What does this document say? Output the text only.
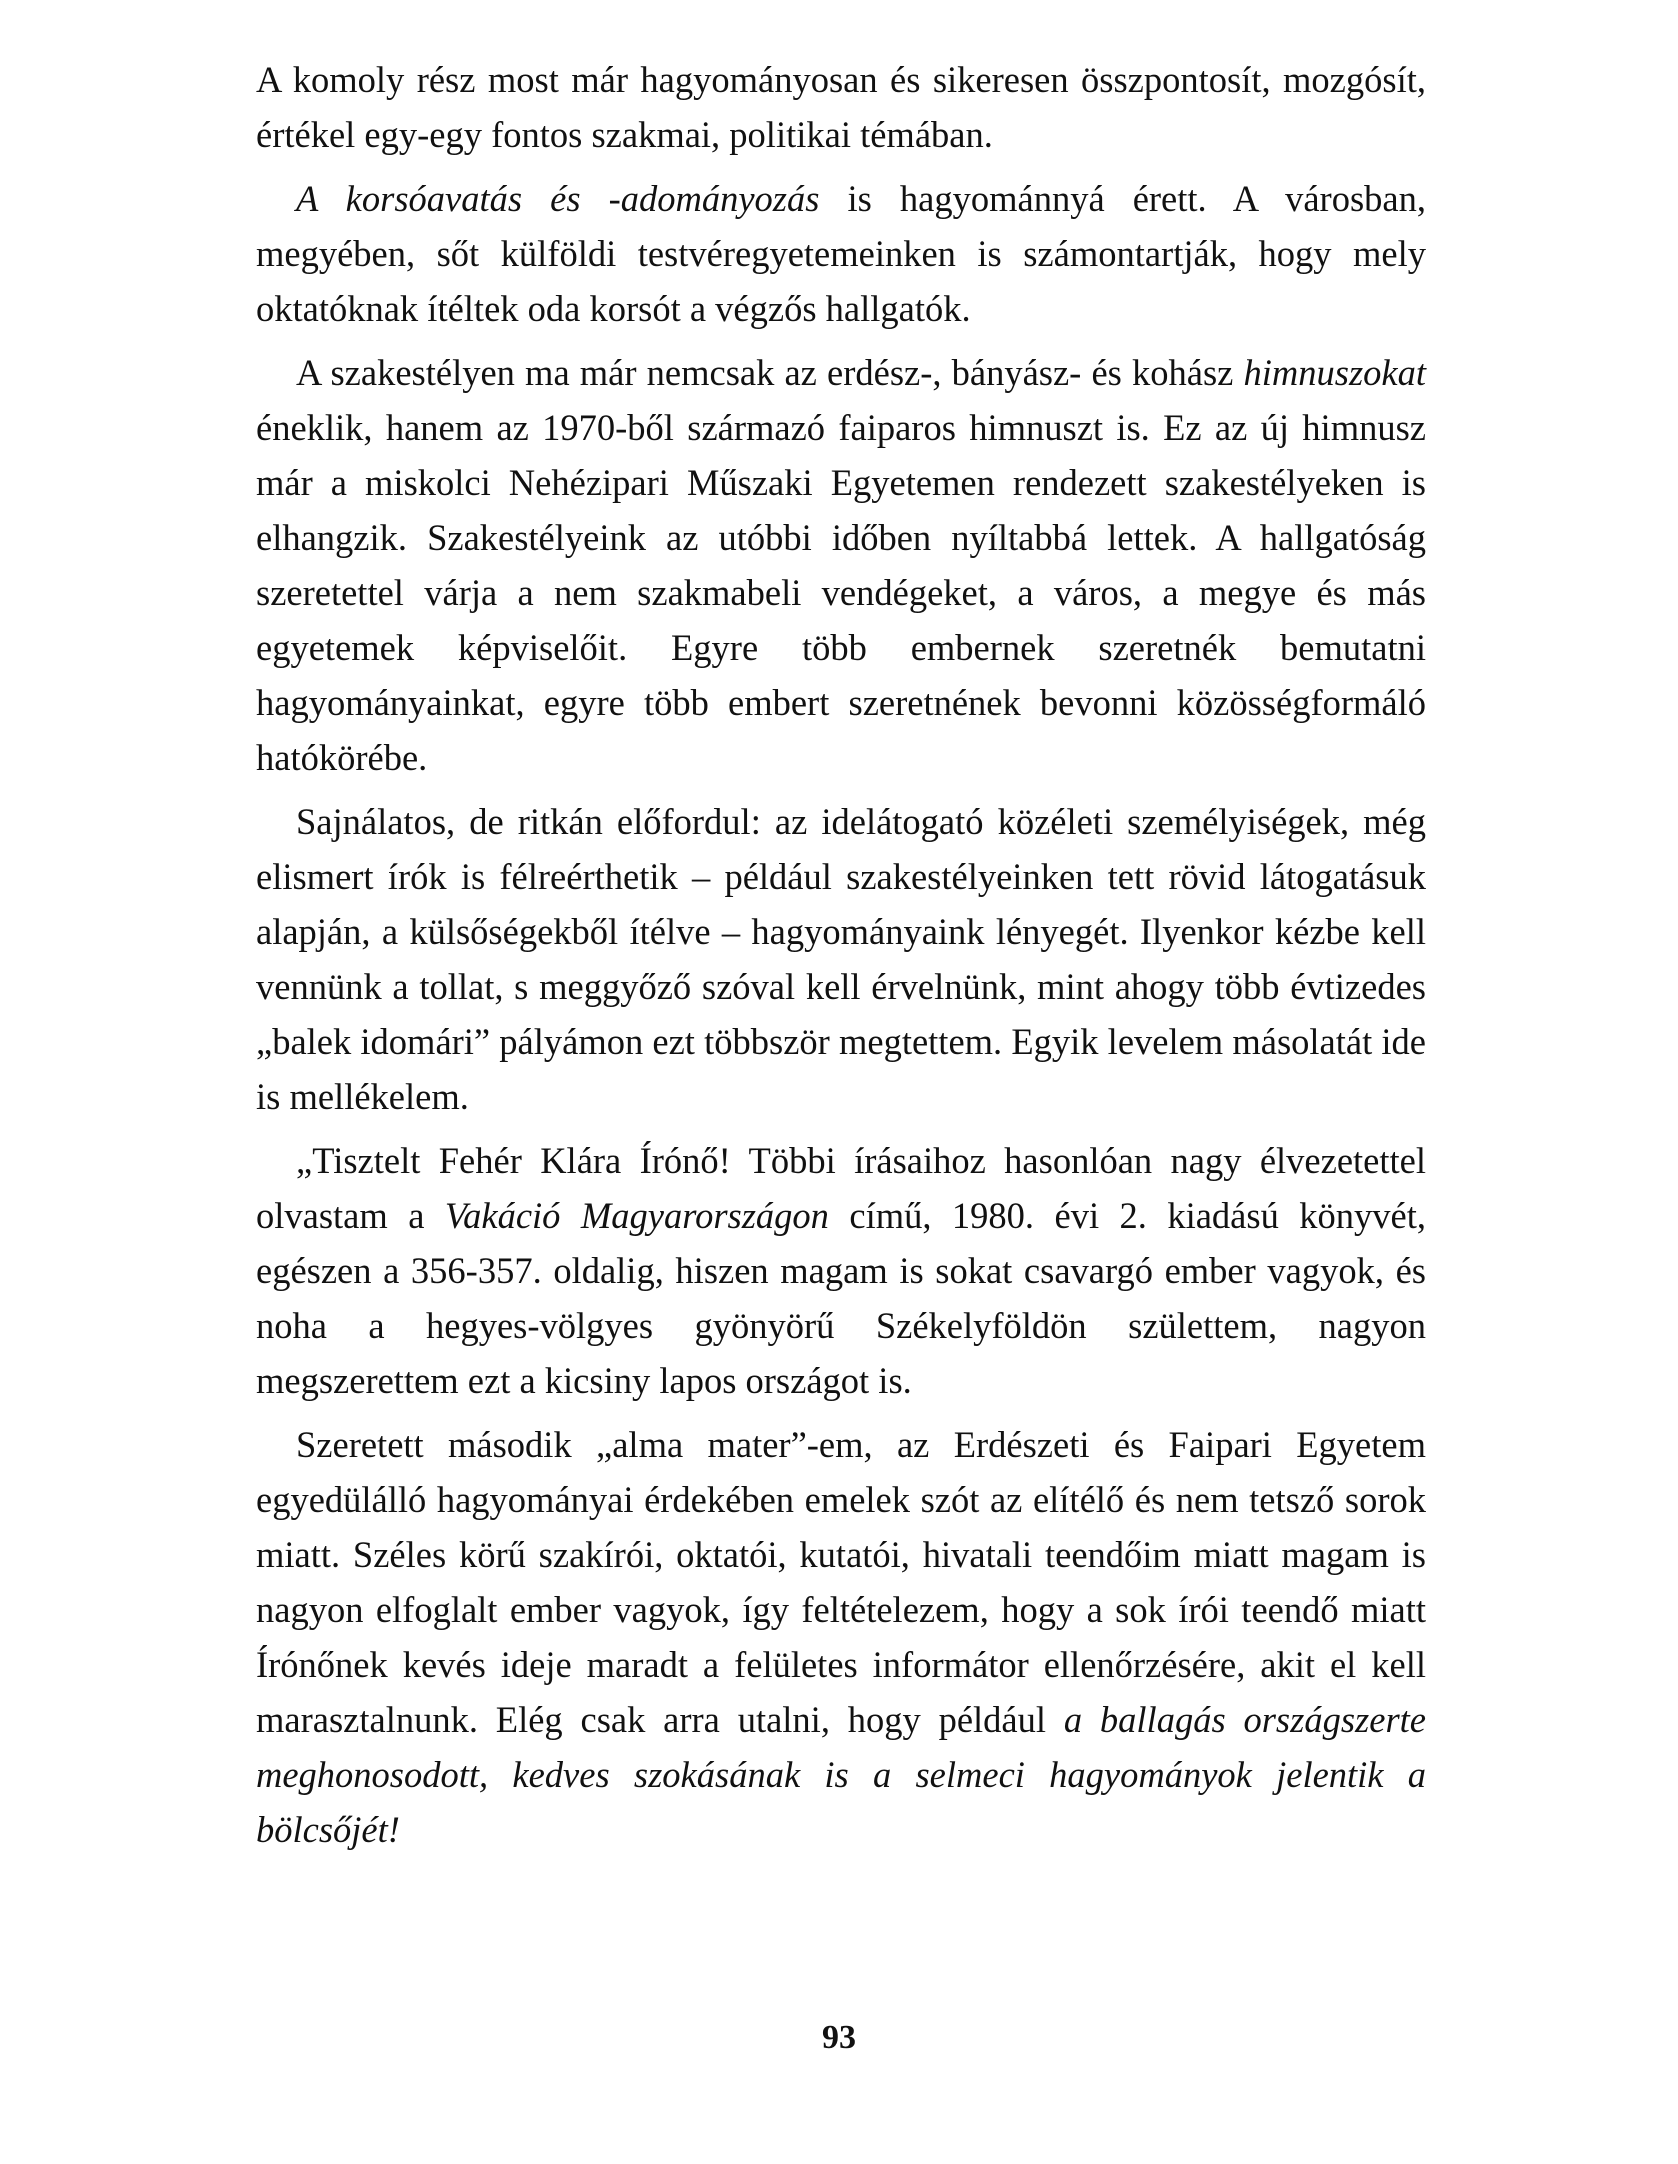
A komoly rész most már hagyományosan és sikeresen összpontosít, mozgósít, értékel egy-egy fontos szakmai, politikai témában.

A korsóavatás és -adományozás is hagyománnyá érett. A városban, megyében, sőt külföldi testvéregyetemeinken is számontartják, hogy mely oktatóknak ítéltek oda korsót a végzős hallgatók.

A szakestélyen ma már nemcsak az erdész-, bányász- és kohász himnuszokat éneklik, hanem az 1970-ből származó faiparos himnuszt is. Ez az új himnusz már a miskolci Nehézipari Műszaki Egyetemen rendezett szakestélyeken is elhangzik. Szakestélyeink az utóbbi időben nyíltabbá lettek. A hallgatóság szeretettel várja a nem szakmabeli vendégeket, a város, a megye és más egyetemek képviselőit. Egyre több embernek szeretnék bemutatni hagyományainkat, egyre több embert szeretnének bevonni közösségformáló hatókörébe.

Sajnálatos, de ritkán előfordul: az idelátogató közéleti személyiségek, még elismert írók is félreérthetik – például szakestélyeinken tett rövid látogatásuk alapján, a külsőségekből ítélve – hagyományaink lényegét. Ilyenkor kézbe kell vennünk a tollat, s meggyőző szóval kell érvelnünk, mint ahogy több évtizedes „balek idomári” pályámon ezt többször megtettem. Egyik levelem másolatát ide is mellékelem.

„Tisztelt Fehér Klára Írónő! Többi írásaihoz hasonlóan nagy élvezetettel olvastam a Vakáció Magyarországon című, 1980. évi 2. kiadású könyvét, egészen a 356-357. oldalig, hiszen magam is sokat csavargó ember vagyok, és noha a hegyes-völgyes gyönyörű Székelyföldön születtem, nagyon megszerettem ezt a kicsiny lapos országot is.

Szeretett második „alma mater”-em, az Erdészeti és Faipari Egyetem egyedülálló hagyományai érdekében emelek szót az elítélő és nem tetsző sorok miatt. Széles körű szakírói, oktatói, kutatói, hivatali teendőim miatt magam is nagyon elfoglalt ember vagyok, így feltételezem, hogy a sok írói teendő miatt Írónőnek kevés ideje maradt a felületes informátor ellenőrzésére, akit el kell marasztalnunk. Elég csak arra utalni, hogy például a ballagás országszerte meghonosodott, kedves szokásának is a selmeci hagyományok jelentik a bölcsőjét!

93
